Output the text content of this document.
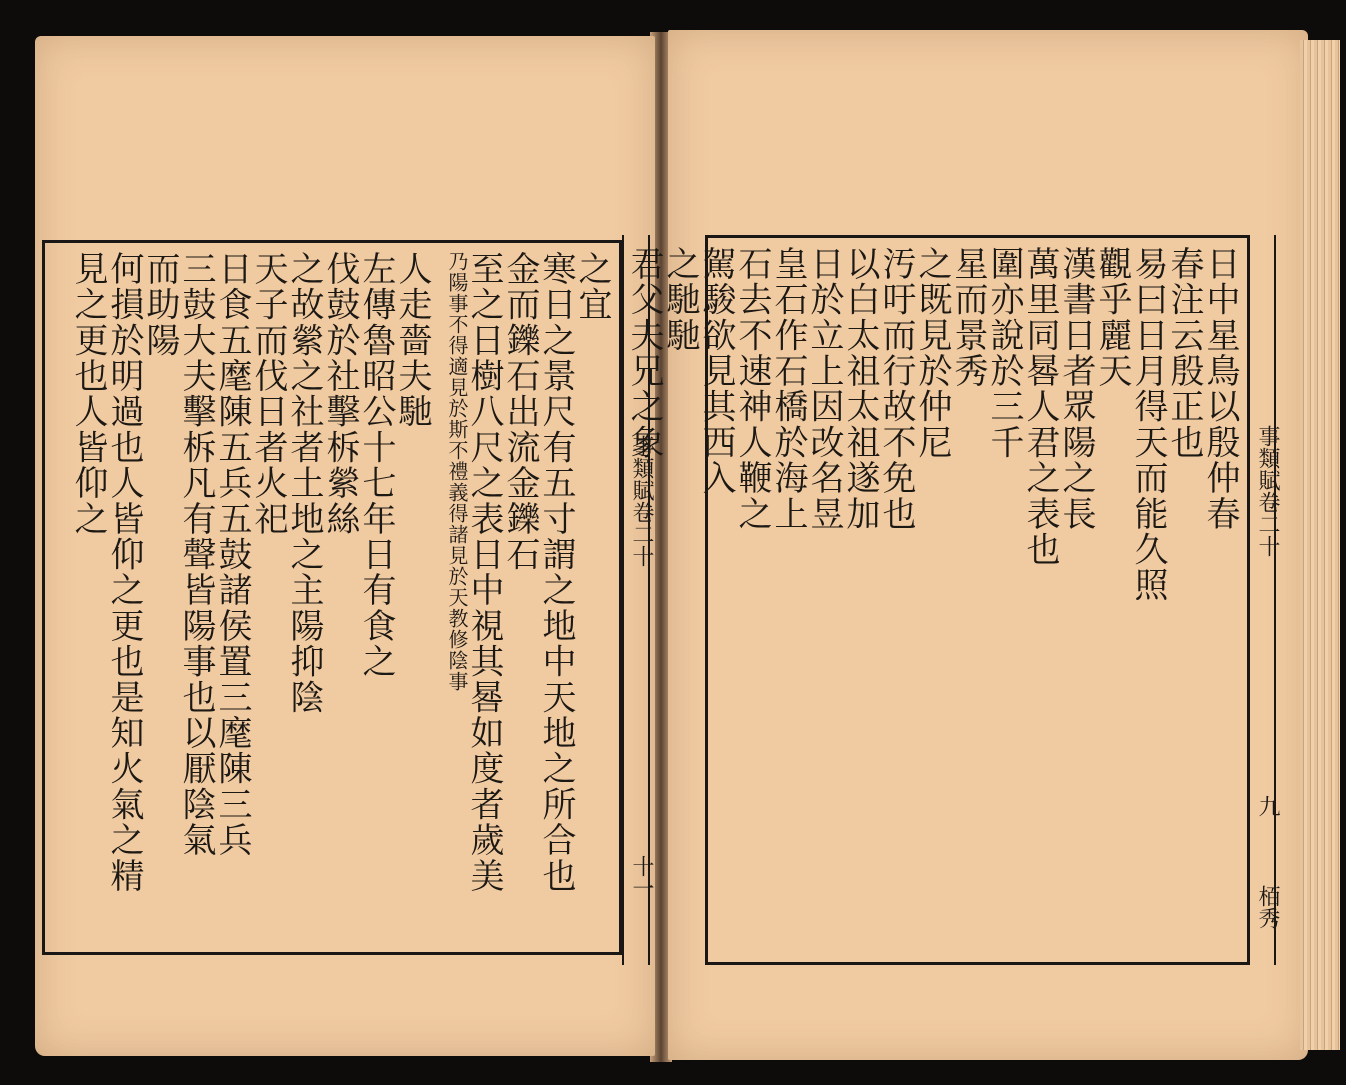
之宜
寒日之景尺有五寸謂之地中天地之所合也
金而鑠石出流金鑠石
至之日樹八尺之表日中視其晷如度者歲美
乃陽事不得適見於斯不禮義得諸見於天教修陰事
人走嗇夫馳
左傳魯昭公十七年日有食之
伐鼓於社擊柝縈絲
之故縈之社者土地之主陽抑陰
天子而伐日者火祀
日食五麾陳五兵五鼓諸侯置三麾陳三兵
三鼓大夫擊柝凡有聲皆陽事也以厭陰氣
而助陽
何損於明過也人皆仰之更也是知火氣之精
見之更也人皆仰之	事類賦卷二十
十一
事類賦卷二十
九
栢秀
日中星鳥以殷仲春
春注云殷正也
易曰日月得天而能久照
觀乎麗天
漢書日者眾陽之長
萬里同晷人君之表也
圍亦說於三千
星而景秀
之既見於仲尼
汚吁而行故不免也
以白太祖太祖遂加
日於立上因改名昱
皇石作石橋於海上
石去不速神人鞭之
駕駿欲見其西入
之馳馳
君父夫兄之象
